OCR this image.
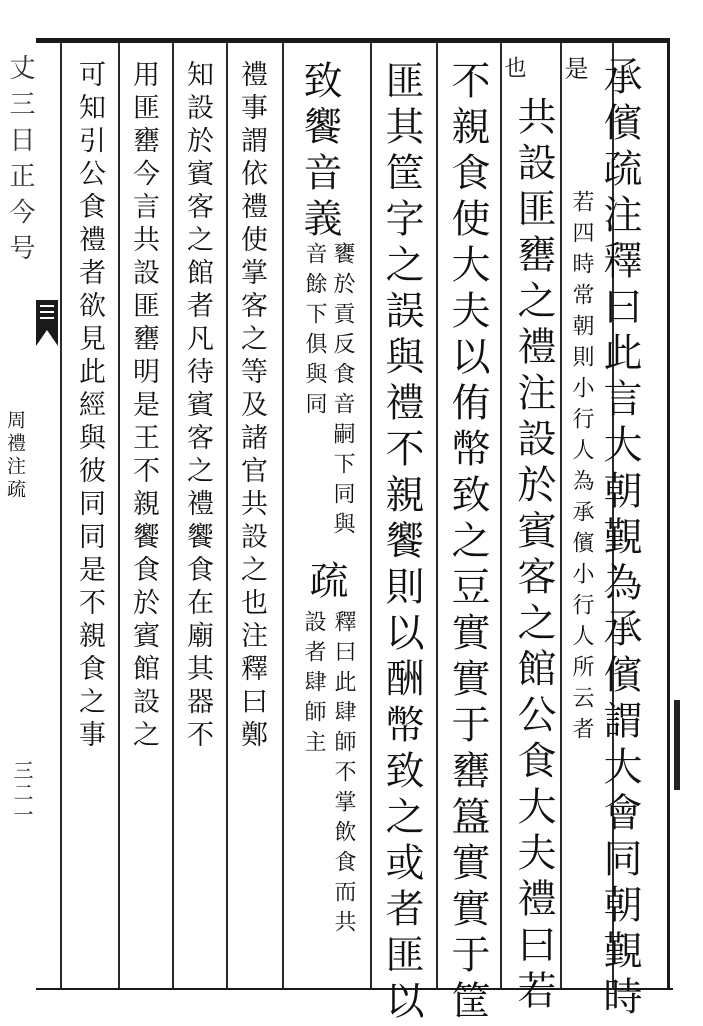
丈三日正今号
周禮注疏
三二一	承儐疏注釋曰此言大朝覲為承儐謂大會同朝覲時
是
若四時常朝則小行人為承儐小行人所云者
也
共設匪罋之禮注設於賓客之館公食大夫禮曰若
不親食使大夫以侑幣致之豆實實于罋簋實實于筐
匪其筐字之誤與禮不親饗則以酬幣致之或者匪以
致饗音義
饔於貢反食音嗣下同與音餘下俱與同
疏
釋曰此肆師不掌飲食而共設者肆師主
禮事謂依禮使掌客之等及諸官共設之也注釋曰鄭
知設於賓客之館者凡待賓客之禮饗食在廟其器不
用匪罋今言共設匪罋明是王不親饗食於賓館設之
可知引公食禮者欲見此經與彼同同是不親食之事
